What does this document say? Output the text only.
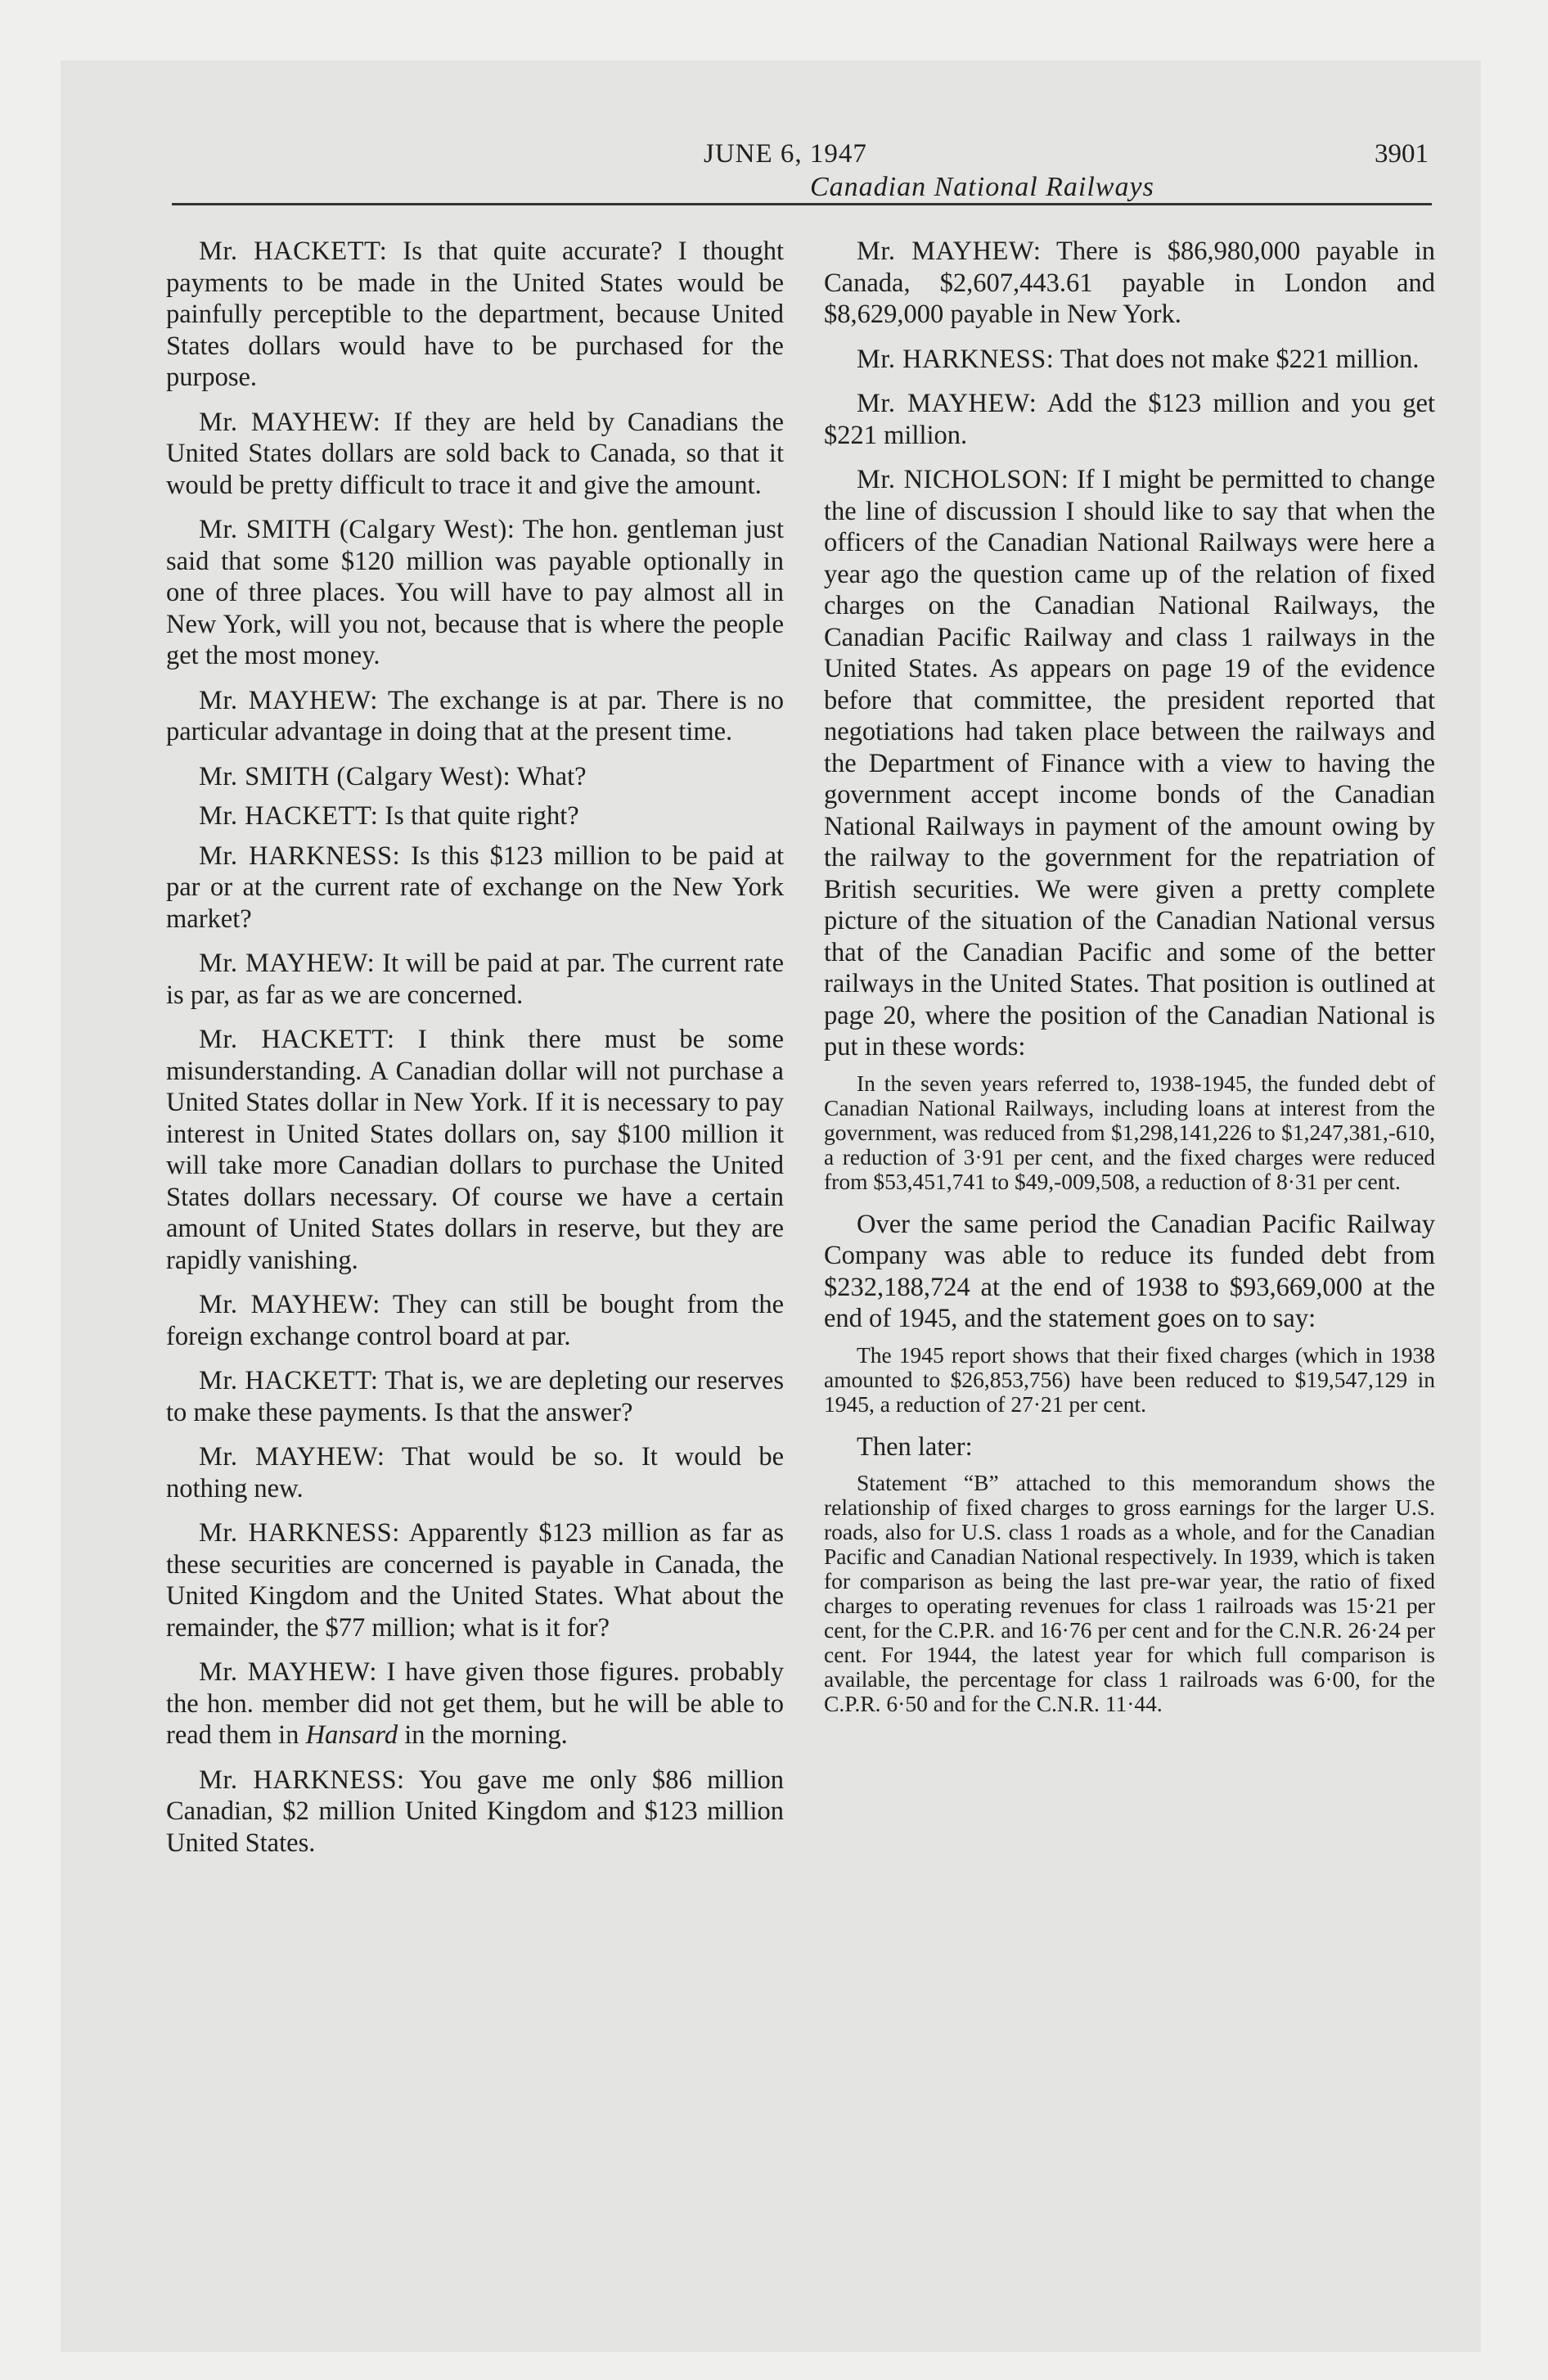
JUNE 6, 1947
Canadian National Railways
3901

Mr. HACKETT: Is that quite accurate? I thought payments to be made in the United States would be painfully perceptible to the department, because United States dollars would have to be purchased for the purpose.

Mr. MAYHEW: If they are held by Canadians the United States dollars are sold back to Canada, so that it would be pretty difficult to trace it and give the amount.

Mr. SMITH (Calgary West): The hon. gentleman just said that some $120 million was payable optionally in one of three places. You will have to pay almost all in New York, will you not, because that is where the people get the most money.

Mr. MAYHEW: The exchange is at par. There is no particular advantage in doing that at the present time.

Mr. SMITH (Calgary West): What?

Mr. HACKETT: Is that quite right?

Mr. HARKNESS: Is this $123 million to be paid at par or at the current rate of exchange on the New York market?

Mr. MAYHEW: It will be paid at par. The current rate is par, as far as we are concerned.

Mr. HACKETT: I think there must be some misunderstanding. A Canadian dollar will not purchase a United States dollar in New York. If it is necessary to pay interest in United States dollars on, say $100 million it will take more Canadian dollars to purchase the United States dollars necessary. Of course we have a certain amount of United States dollars in reserve, but they are rapidly vanishing.

Mr. MAYHEW: They can still be bought from the foreign exchange control board at par.

Mr. HACKETT: That is, we are depleting our reserves to make these payments. Is that the answer?

Mr. MAYHEW: That would be so. It would be nothing new.

Mr. HARKNESS: Apparently $123 million as far as these securities are concerned is payable in Canada, the United Kingdom and the United States. What about the remainder, the $77 million; what is it for?

Mr. MAYHEW: I have given those figures. probably the hon. member did not get them, but he will be able to read them in Hansard in the morning.

Mr. HARKNESS: You gave me only $86 million Canadian, $2 million United Kingdom and $123 million United States.

Mr. MAYHEW: There is $86,980,000 payable in Canada, $2,607,443.61 payable in London and $8,629,000 payable in New York.

Mr. HARKNESS: That does not make $221 million.

Mr. MAYHEW: Add the $123 million and you get $221 million.

Mr. NICHOLSON: If I might be permitted to change the line of discussion I should like to say that when the officers of the Canadian National Railways were here a year ago the question came up of the relation of fixed charges on the Canadian National Railways, the Canadian Pacific Railway and class 1 railways in the United States. As appears on page 19 of the evidence before that committee, the president reported that negotiations had taken place between the railways and the Department of Finance with a view to having the government accept income bonds of the Canadian National Railways in payment of the amount owing by the railway to the government for the repatriation of British securities. We were given a pretty complete picture of the situation of the Canadian National versus that of the Canadian Pacific and some of the better railways in the United States. That position is outlined at page 20, where the position of the Canadian National is put in these words:

In the seven years referred to, 1938-1945, the funded debt of Canadian National Railways, including loans at interest from the government, was reduced from $1,298,141,226 to $1,247,381,-610, a reduction of 3·91 per cent, and the fixed charges were reduced from $53,451,741 to $49,-009,508, a reduction of 8·31 per cent.

Over the same period the Canadian Pacific Railway Company was able to reduce its funded debt from $232,188,724 at the end of 1938 to $93,669,000 at the end of 1945, and the statement goes on to say:

The 1945 report shows that their fixed charges (which in 1938 amounted to $26,853,756) have been reduced to $19,547,129 in 1945, a reduction of 27·21 per cent.

Then later:

Statement “B” attached to this memorandum shows the relationship of fixed charges to gross earnings for the larger U.S. roads, also for U.S. class 1 roads as a whole, and for the Canadian Pacific and Canadian National respectively. In 1939, which is taken for comparison as being the last pre-war year, the ratio of fixed charges to operating revenues for class 1 railroads was 15·21 per cent, for the C.P.R. and 16·76 per cent and for the C.N.R. 26·24 per cent. For 1944, the latest year for which full comparison is available, the percentage for class 1 railroads was 6·00, for the C.P.R. 6·50 and for the C.N.R. 11·44.
